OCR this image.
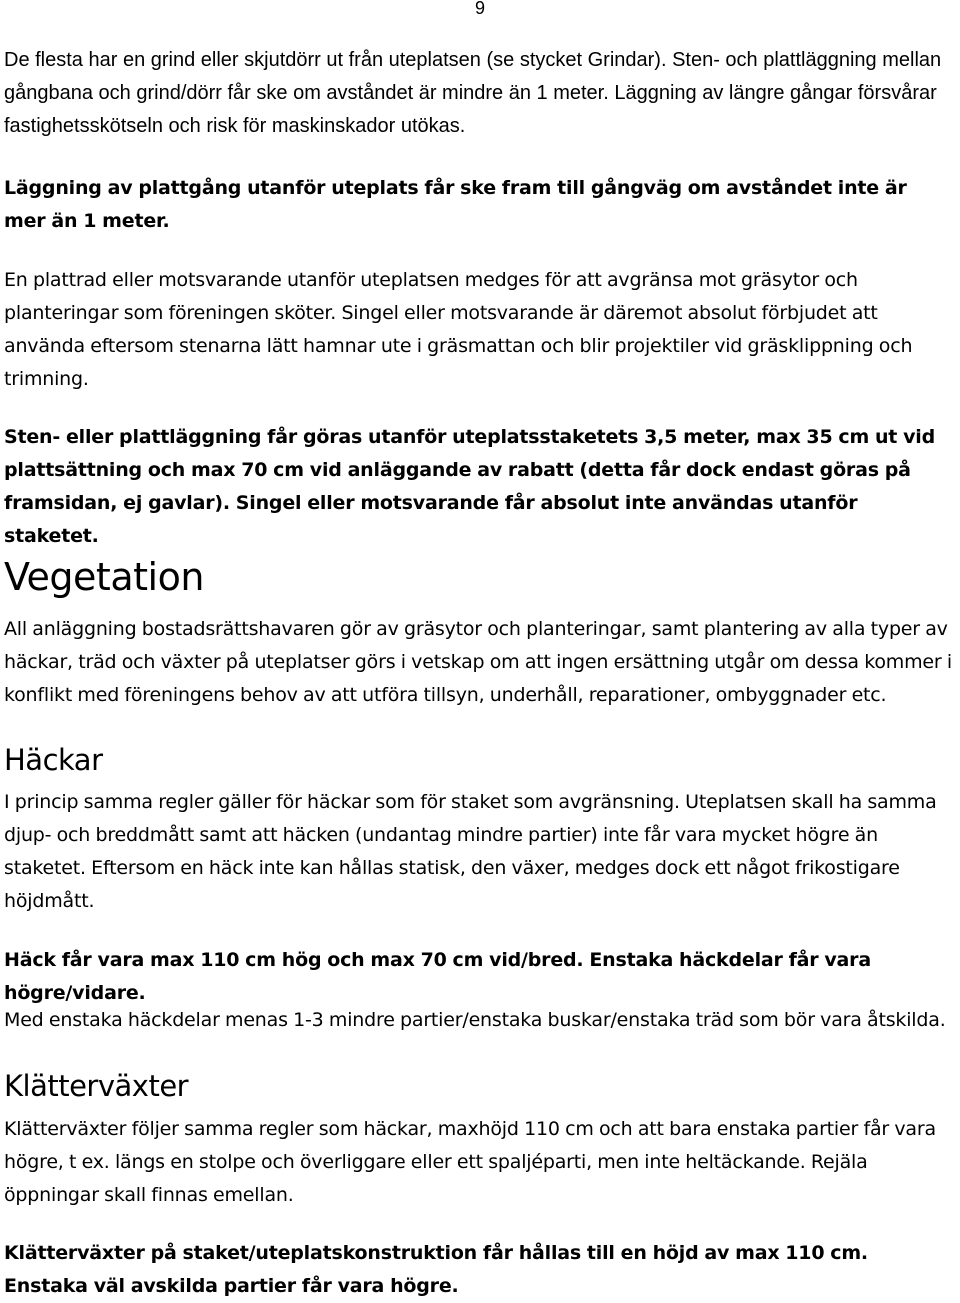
9

De flesta har en grind eller skjutdörr ut från uteplatsen (se stycket Grindar). Sten- och plattläggning mellan gångbana och grind/dörr får ske om avståndet är mindre än 1 meter. Läggning av längre gångar försvårar fastighetsskötseln och risk för maskinskador utökas.

Läggning av plattgång utanför uteplats får ske fram till gångväg om avståndet inte är mer än 1 meter.

En plattrad eller motsvarande utanför uteplatsen medges för att avgränsa mot gräsytor och planteringar som föreningen sköter. Singel eller motsvarande är däremot absolut förbjudet att använda eftersom stenarna lätt hamnar ute i gräsmattan och blir projektiler vid gräsklippning och trimning.

Sten- eller plattläggning får göras utanför uteplatsstaketets 3,5 meter, max 35 cm ut vid plattsättning och max 70 cm vid anläggande av rabatt (detta får dock endast göras på framsidan, ej gavlar). Singel eller motsvarande får absolut inte användas utanför staketet.

Vegetation

All anläggning bostadsrättshavaren gör av gräsytor och planteringar, samt plantering av alla typer av häckar, träd och växter på uteplatser görs i vetskap om att ingen ersättning utgår om dessa kommer i konflikt med föreningens behov av att utföra tillsyn, underhåll, reparationer, ombyggnader etc.

Häckar

I princip samma regler gäller för häckar som för staket som avgränsning. Uteplatsen skall ha samma djup- och breddmått samt att häcken (undantag mindre partier) inte får vara mycket högre än staketet. Eftersom en häck inte kan hållas statisk, den växer, medges dock ett något frikostigare höjdmått.

Häck får vara max 110 cm hög och max 70 cm vid/bred. Enstaka häckdelar får vara högre/vidare.

Med enstaka häckdelar menas 1-3 mindre partier/enstaka buskar/enstaka träd som bör vara åtskilda.

Klätterväxter

Klätterväxter följer samma regler som häckar, maxhöjd 110 cm och att bara enstaka partier får vara högre, t ex. längs en stolpe och överliggare eller ett spaljéparti, men inte heltäckande. Rejäla öppningar skall finnas emellan.

Klätterväxter på staket/uteplatskonstruktion får hållas till en höjd av max 110 cm. Enstaka väl avskilda partier får vara högre.
